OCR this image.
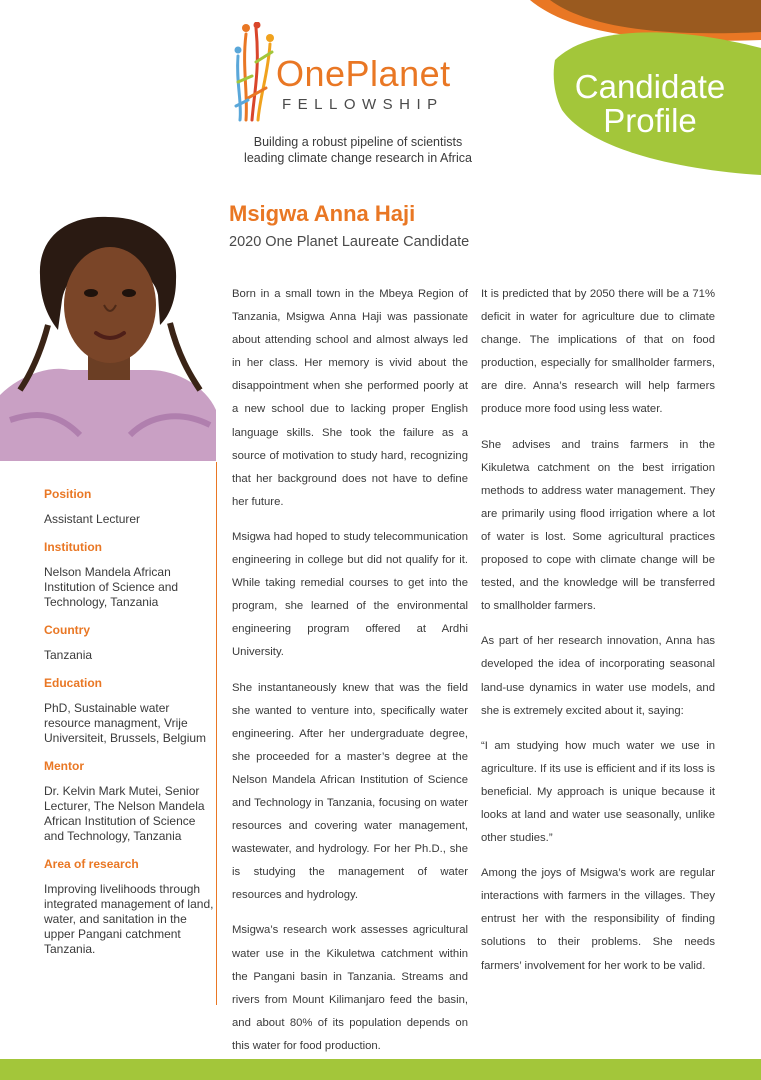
OnePlanet
FELLOWSHIP
Building a robust pipeline of scientists
leading climate change research in Africa
Candidate
Profile
Msigwa Anna Haji
2020 One Planet Laureate Candidate
Position
Assistant Lecturer
Institution
Nelson Mandela African Institution of Science and Technology, Tanzania
Country
Tanzania
Education
PhD, Sustainable water resource managment, Vrije Universiteit, Brussels, Belgium
Mentor
Dr. Kelvin Mark Mutei, Senior Lecturer, The Nelson Mandela African Institution of Science and Technology, Tanzania
Area of research
Improving livelihoods through integrated management of land, water, and sanitation in the upper Pangani catchment Tanzania.

Born in a small town in the Mbeya Region of Tanzania, Msigwa Anna Haji was passionate about attending school and almost always led in her class. Her memory is vivid about the disappointment when she performed poorly at a new school due to lacking proper English language skills. She took the failure as a source of motivation to study hard, recognizing that her background does not have to define her future.

Msigwa had hoped to study telecommunication engineering in college but did not qualify for it. While taking remedial courses to get into the program, she learned of the environmental engineering program offered at Ardhi University.

She instantaneously knew that was the field she wanted to venture into, specifically water engineering. After her undergraduate degree, she proceeded for a master’s degree at the Nelson Mandela African Institution of Science and Technology in Tanzania, focusing on water resources and covering water management, wastewater, and hydrology. For her Ph.D., she is studying the management of water resources and hydrology.

Msigwa’s research work assesses agricultural water use in the Kikuletwa catchment within the Pangani basin in Tanzania. Streams and rivers from Mount Kilimanjaro feed the basin, and about 80% of its population depends on this water for food production.

It is predicted that by 2050 there will be a 71% deficit in water for agriculture due to climate change. The implications of that on food production, especially for smallholder farmers, are dire. Anna’s research will help farmers produce more food using less water.

She advises and trains farmers in the Kikuletwa catchment on the best irrigation methods to address water management. They are primarily using flood irrigation where a lot of water is lost. Some agricultural practices proposed to cope with climate change will be tested, and the knowledge will be transferred to smallholder farmers.

As part of her research innovation, Anna has developed the idea of incorporating seasonal land-use dynamics in water use models, and she is extremely excited about it, saying:

“I am studying how much water we use in agriculture. If its use is efficient and if its loss is beneficial. My approach is unique because it looks at land and water use seasonally, unlike other studies.”

Among the joys of Msigwa’s work are regular interactions with farmers in the villages. They entrust her with the responsibility of finding solutions to their problems. She needs farmers’ involvement for her work to be valid.
